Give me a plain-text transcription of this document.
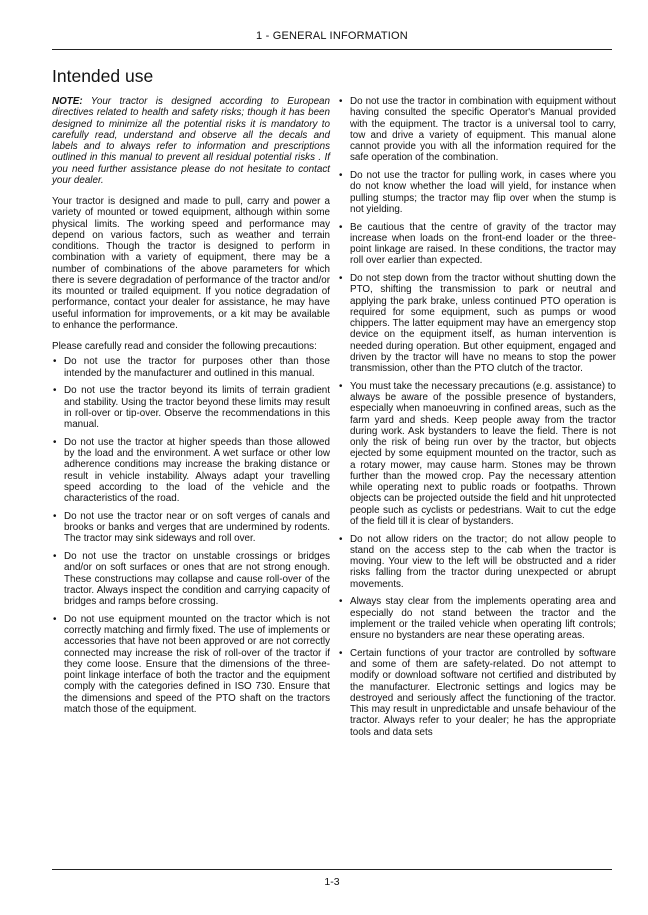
1 - GENERAL INFORMATION
Intended use

NOTE: Your tractor is designed according to European directives related to health and safety risks; though it has been designed to minimize all the potential risks it is mandatory to carefully read, understand and observe all the decals and labels and to always refer to information and prescriptions outlined in this manual to prevent all residual potential risks . If you need further assistance please do not hesitate to contact your dealer.

Your tractor is designed and made to pull, carry and power a variety of mounted or towed equipment, although within some physical limits. The working speed and performance may depend on various factors, such as weather and terrain conditions. Though the tractor is designed to perform in combination with a variety of equipment, there may be a number of combinations of the above parameters for which there is severe degradation of performance of the tractor and/or its mounted or trailed equipment. If you notice degradation of performance, contact your dealer for assistance, he may have useful information for improvements, or a kit may be available to enhance the performance.

Please carefully read and consider the following precautions:

• Do not use the tractor for purposes other than those intended by the manufacturer and outlined in this manual.
• Do not use the tractor beyond its limits of terrain gradient and stability. Using the tractor beyond these limits may result in roll-over or tip-over. Observe the recommendations in this manual.
• Do not use the tractor at higher speeds than those allowed by the load and the environment. A wet surface or other low adherence conditions may increase the braking distance or result in vehicle instability. Always adapt your travelling speed according to the load of the vehicle and the characteristics of the road.
• Do not use the tractor near or on soft verges of canals and brooks or banks and verges that are undermined by rodents. The tractor may sink sideways and roll over.
• Do not use the tractor on unstable crossings or bridges and/or on soft surfaces or ones that are not strong enough. These constructions may collapse and cause roll-over of the tractor. Always inspect the condition and carrying capacity of bridges and ramps before crossing.
• Do not use equipment mounted on the tractor which is not correctly matching and firmly fixed. The use of implements or accessories that have not been approved or are not correctly connected may increase the risk of roll-over of the tractor if they come loose. Ensure that the dimensions of the three-point linkage interface of both the tractor and the equipment comply with the categories defined in ISO 730. Ensure that the dimensions and speed of the PTO shaft on the tractors match those of the equipment.
• Do not use the tractor in combination with equipment without having consulted the specific Operator's Manual provided with the equipment. The tractor is a universal tool to carry, tow and drive a variety of equipment. This manual alone cannot provide you with all the information required for the safe operation of the combination.
• Do not use the tractor for pulling work, in cases where you do not know whether the load will yield, for instance when pulling stumps; the tractor may flip over when the stump is not yielding.
• Be cautious that the centre of gravity of the tractor may increase when loads on the front-end loader or the three-point linkage are raised. In these conditions, the tractor may roll over earlier than expected.
• Do not step down from the tractor without shutting down the PTO, shifting the transmission to park or neutral and applying the park brake, unless continued PTO operation is required for some equipment, such as pumps or wood chippers. The latter equipment may have an emergency stop device on the equipment itself, as human intervention is needed during operation. But other equipment, engaged and driven by the tractor will have no means to stop the power transmission, other than the PTO clutch of the tractor.
• You must take the necessary precautions (e.g. assistance) to always be aware of the possible presence of bystanders, especially when manoeuvring in confined areas, such as the farm yard and sheds. Keep people away from the tractor during work. Ask bystanders to leave the field. There is not only the risk of being run over by the tractor, but objects ejected by some equipment mounted on the tractor, such as a rotary mower, may cause harm. Stones may be thrown further than the mowed crop. Pay the necessary attention while operating next to public roads or footpaths. Thrown objects can be projected outside the field and hit unprotected people such as cyclists or pedestrians. Wait to cut the edge of the field till it is clear of bystanders.
• Do not allow riders on the tractor; do not allow people to stand on the access step to the cab when the tractor is moving. Your view to the left will be obstructed and a rider risks falling from the tractor during unexpected or abrupt movements.
• Always stay clear from the implements operating area and especially do not stand between the tractor and the implement or the trailed vehicle when operating lift controls; ensure no bystanders are near these operating areas.
• Certain functions of your tractor are controlled by software and some of them are safety-related. Do not attempt to modify or download software not certified and distributed by the manufacturer. Electronic settings and logics may be destroyed and seriously affect the functioning of the tractor. This may result in unpredictable and unsafe behaviour of the tractor. Always refer to your dealer; he has the appropriate tools and data sets
1-3
